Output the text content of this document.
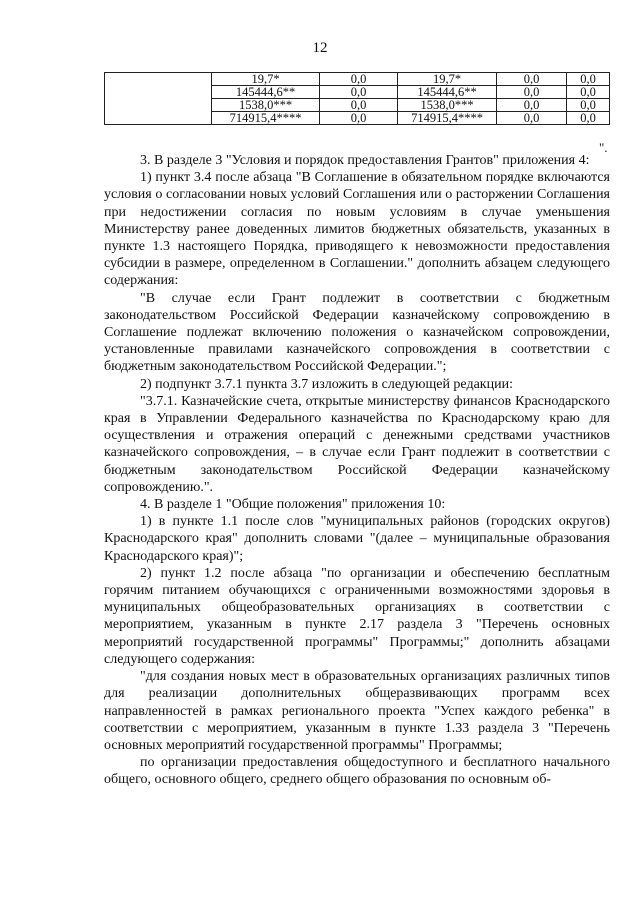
12
	19,7*	0,0	19,7*	0,0	0,0
	145444,6**	0,0	145444,6**	0,0	0,0
	1538,0***	0,0	1538,0***	0,0	0,0
	714915,4****	0,0	714915,4****	0,0	0,0
".

3. В разделе 3 "Условия и порядок предоставления Грантов" приложения 4:

1) пункт 3.4 после абзаца "В Соглашение в обязательном порядке включаются условия о согласовании новых условий Соглашения или о расторжении Соглашения при недостижении согласия по новым условиям в случае уменьшения Министерству ранее доведенных лимитов бюджетных обязательств, указанных в пункте 1.3 настоящего Порядка, приводящего к невозможности предоставления субсидии в размере, определенном в Соглашении." дополнить абзацем следующего содержания:

"В случае если Грант подлежит в соответствии с бюджетным законодательством Российской Федерации казначейскому сопровождению в Соглашение подлежат включению положения о казначейском сопровождении, установленные правилами казначейского сопровождения в соответствии с бюджетным законодательством Российской Федерации.";

2) подпункт 3.7.1 пункта 3.7 изложить в следующей редакции:

"3.7.1. Казначейские счета, открытые министерству финансов Краснодарского края в Управлении Федерального казначейства по Краснодарскому краю для осуществления и отражения операций с денежными средствами участников казначейского сопровождения, – в случае если Грант подлежит в соответствии с бюджетным законодательством Российской Федерации казначейскому сопровождению.".

4. В разделе 1 "Общие положения" приложения 10:

1) в пункте 1.1 после слов "муниципальных районов (городских округов) Краснодарского края" дополнить словами "(далее – муниципальные образования Краснодарского края)";

2) пункт 1.2 после абзаца "по организации и обеспечению бесплатным горячим питанием обучающихся с ограниченными возможностями здоровья в муниципальных общеобразовательных организациях в соответствии с мероприятием, указанным в пункте 2.17 раздела 3 "Перечень основных мероприятий государственной программы" Программы;" дополнить абзацами следующего содержания:

"для создания новых мест в образовательных организациях различных типов для реализации дополнительных общеразвивающих программ всех направленностей в рамках регионального проекта "Успех каждого ребенка" в соответствии с мероприятием, указанным в пункте 1.33 раздела 3 "Перечень основных мероприятий государственной программы" Программы;

по организации предоставления общедоступного и бесплатного начального общего, основного общего, среднего общего образования по основным об-
